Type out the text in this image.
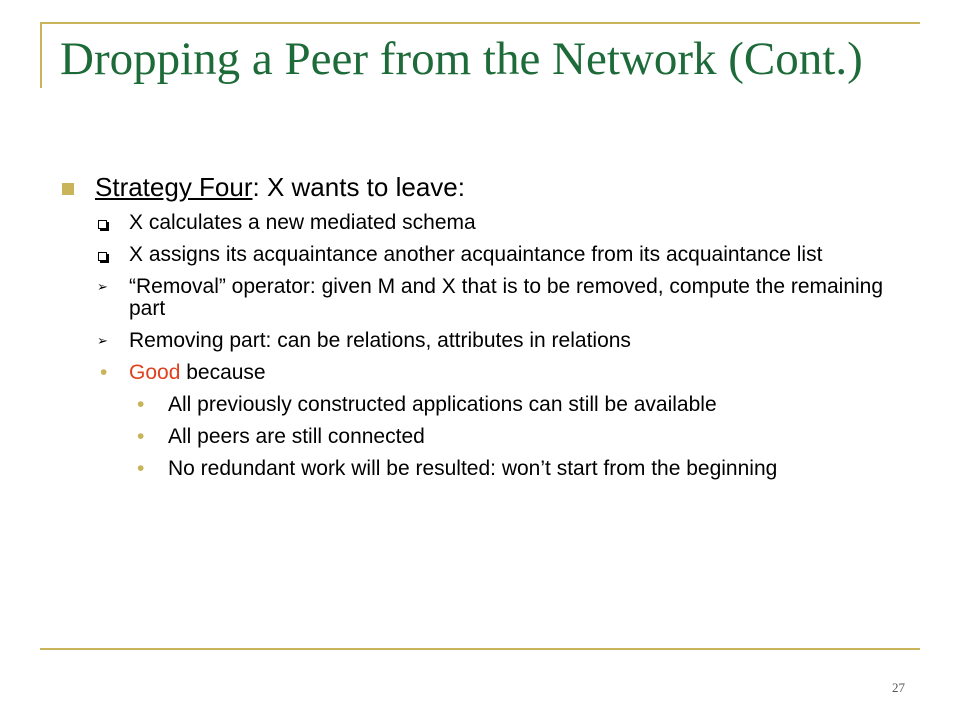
Dropping a Peer from the Network (Cont.)
Strategy Four: X wants to leave:
X calculates a new mediated schema
X assigns its acquaintance another acquaintance from its acquaintance list
➢ “Removal” operator: given M and X that is to be removed, compute the remaining part
➢ Removing part: can be relations, attributes in relations
• Good because
• All previously constructed applications can still be available
• All peers are still connected
• No redundant work will be resulted: won’t start from the beginning
27
